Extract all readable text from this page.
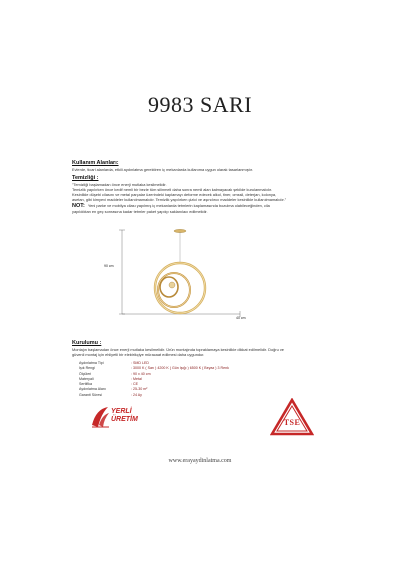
9983 SARI
Kullanım Alanları:
Evlerde, ticari alanlarda, etkili aydınlatma gerektiren iç mekanlarda kullanıma uygun olarak tasarlanmıştır.
Temizliği :
"Temizliği başlamadan önce enerji mutlaka kesilmelidir.
Temizlik yapılırken önce kedif nemli bir bezle tüm silinmeli daha sonra nemli alan kalmayacak şekilde kurulanmalıdır.
Kesinlikle düşebi cilasını ve metal parçalar üzerindeki kaplamayı deforme edecek alkol, tiner, cmssil, deterjan, kolonya,
asetan, gibi kimyevi maddeler kullanılmamalıdır. Temizlik yapılırken çizici ve aşındırıcı maddeler kesinlikle kullanılmamalıdır."
NOT: Yeni parke ve mobilya cilası yapılmış iç mekanlarda tetmlerin kaplamasında bozulma olabileceğinden, cila
yapıldıktan en geç sonrasına kadar tetmler paket yapılıp saklanılacı edilmelidir.
90 cm
40 cm
Kurulumu :
Montajın başlamadan önce enerji mutlaka kesilmelidir. Ürün montajında topraklamaya kesinlikle dikkat edilmelidir. Doğru ve
güvenli montaj için ehliyetli bir elektrikçiye müracaat edilmesi daha uygundur.
Aydınlatma Tipi	: SMD LED
Işık Rengi	: 3000 K ( Sarı ) 4200 K ( Gün Işığı ) 6500 K ( Beyaz ) 3 Renk
Ölçüleri	: 90 x 40 cm
Materyali	: Metal
Sertifika	: CE
Aydınlatma Alanı	: 25-30 m²
Garanti Süresi	: 24 Ay
YERLİ
ÜRETİM	TSE
www.erayaydinlatma.com
